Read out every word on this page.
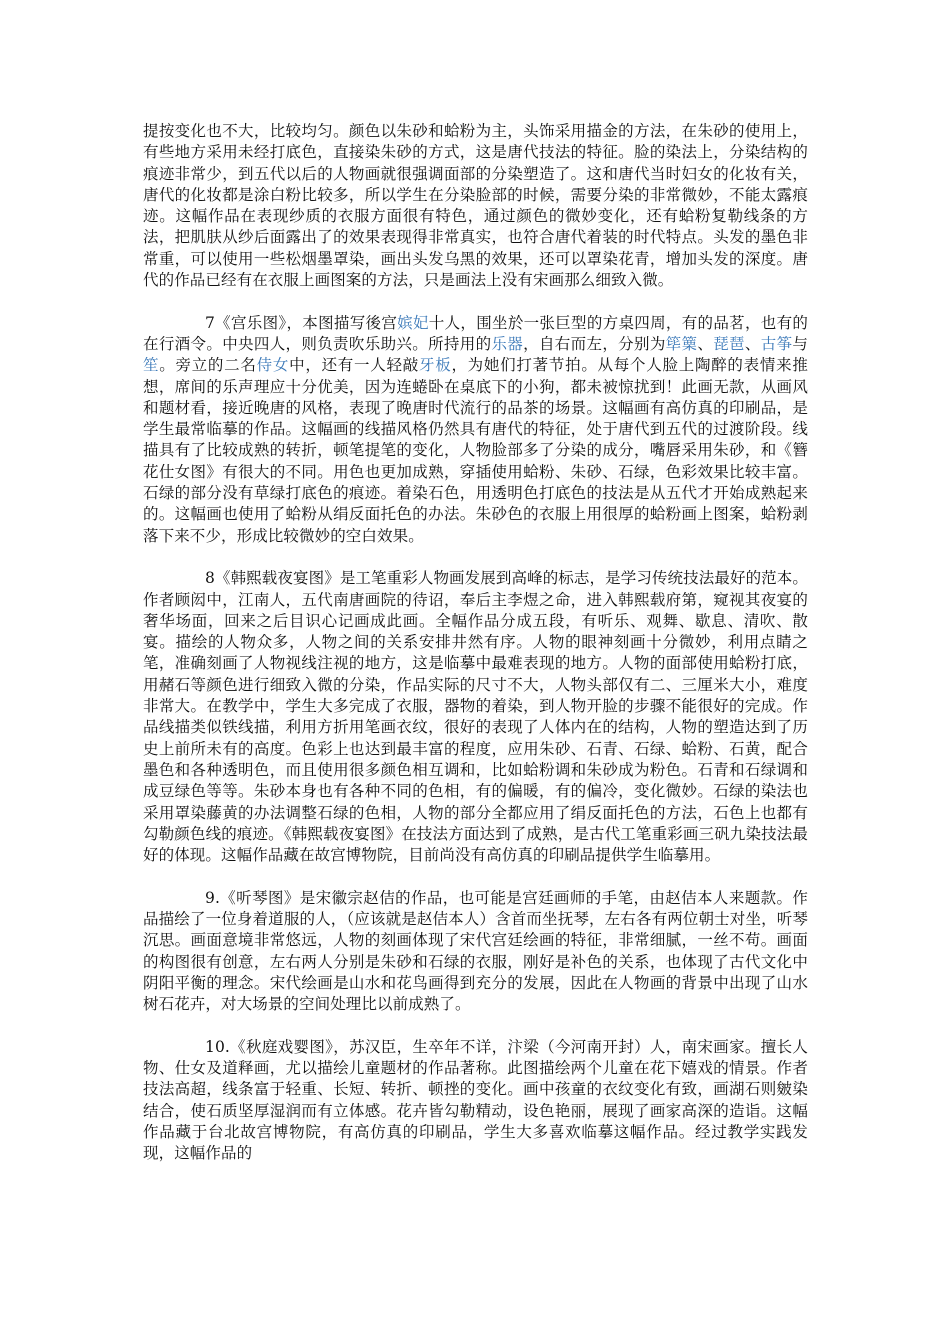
提按变化也不大，比较均匀。颜色以朱砂和蛤粉为主，头饰采用描金的方法，在朱砂的使用上，有些地方采用未经打底色，直接染朱砂的方式，这是唐代技法的特征。脸的染法上，分染结构的痕迹非常少，到五代以后的人物画就很强调面部的分染塑造了。这和唐代当时妇女的化妆有关，唐代的化妆都是涂白粉比较多，所以学生在分染脸部的时候，需要分染的非常微妙，不能太露痕迹。这幅作品在表现纱质的衣服方面很有特色，通过颜色的微妙变化，还有蛤粉复勒线条的方法，把肌肤从纱后面露出了的效果表现得非常真实，也符合唐代着装的时代特点。头发的墨色非常重，可以使用一些松烟墨罩染，画出头发乌黑的效果，还可以罩染花青，增加头发的深度。唐代的作品已经有在衣服上画图案的方法，只是画法上没有宋画那么细致入微。

7《宫乐图》，本图描写後宫嫔妃十人，围坐於一张巨型的方桌四周，有的品茗，也有的在行酒令。中央四人，则负责吹乐助兴。所持用的乐器，自右而左，分别为筚篥、琵琶、古筝与笙。旁立的二名侍女中，还有一人轻敲牙板，为她们打著节拍。从每个人脸上陶醉的表情来推想，席间的乐声理应十分优美，因为连蜷卧在桌底下的小狗，都未被惊扰到！此画无款，从画风和题材看，接近晚唐的风格，表现了晚唐时代流行的品茶的场景。这幅画有高仿真的印刷品，是学生最常临摹的作品。这幅画的线描风格仍然具有唐代的特征，处于唐代到五代的过渡阶段。线描具有了比较成熟的转折，顿笔提笔的变化，人物脸部多了分染的成分，嘴唇采用朱砂，和《簪花仕女图》有很大的不同。用色也更加成熟，穿插使用蛤粉、朱砂、石绿，色彩效果比较丰富。石绿的部分没有草绿打底色的痕迹。着染石色，用透明色打底色的技法是从五代才开始成熟起来的。这幅画也使用了蛤粉从绢反面托色的办法。朱砂色的衣服上用很厚的蛤粉画上图案，蛤粉剥落下来不少，形成比较微妙的空白效果。

8《韩熙载夜宴图》是工笔重彩人物画发展到高峰的标志，是学习传统技法最好的范本。作者顾闳中，江南人，五代南唐画院的待诏，奉后主李煜之命，进入韩熙载府第，窥视其夜宴的奢华场面，回来之后目识心记画成此画。全幅作品分成五段，有听乐、观舞、歇息、清吹、散宴。描绘的人物众多，人物之间的关系安排井然有序。人物的眼神刻画十分微妙，利用点睛之笔，准确刻画了人物视线注视的地方，这是临摹中最难表现的地方。人物的面部使用蛤粉打底，用赭石等颜色进行细致入微的分染，作品实际的尺寸不大，人物头部仅有二、三厘米大小，难度非常大。在教学中，学生大多完成了衣服，器物的着染，到人物开脸的步骤不能很好的完成。作品线描类似铁线描，利用方折用笔画衣纹，很好的表现了人体内在的结构，人物的塑造达到了历史上前所未有的高度。色彩上也达到最丰富的程度，应用朱砂、石青、石绿、蛤粉、石黄，配合墨色和各种透明色，而且使用很多颜色相互调和，比如蛤粉调和朱砂成为粉色。石青和石绿调和成豆绿色等等。朱砂本身也有各种不同的色相，有的偏暖，有的偏冷，变化微妙。石绿的染法也采用罩染藤黄的办法调整石绿的色相，人物的部分全都应用了绢反面托色的方法，石色上也都有勾勒颜色线的痕迹。《韩熙载夜宴图》在技法方面达到了成熟，是古代工笔重彩画三矾九染技法最好的体现。这幅作品藏在故宫博物院，目前尚没有高仿真的印刷品提供学生临摹用。

9.《听琴图》是宋徽宗赵佶的作品，也可能是宫廷画师的手笔，由赵佶本人来题款。作品描绘了一位身着道服的人，（应该就是赵佶本人）含首而坐抚琴，左右各有两位朝士对坐，听琴沉思。画面意境非常悠远，人物的刻画体现了宋代宫廷绘画的特征，非常细腻，一丝不苟。画面的构图很有创意，左右两人分别是朱砂和石绿的衣服，刚好是补色的关系，也体现了古代文化中阴阳平衡的理念。宋代绘画是山水和花鸟画得到充分的发展，因此在人物画的背景中出现了山水树石花卉，对大场景的空间处理比以前成熟了。

10.《秋庭戏婴图》，苏汉臣，生卒年不详，汴梁（今河南开封）人，南宋画家。擅长人物、仕女及道释画，尤以描绘儿童题材的作品著称。此图描绘两个儿童在花下嬉戏的情景。作者技法高超，线条富于轻重、长短、转折、顿挫的变化。画中孩童的衣纹变化有致，画湖石则皴染结合，使石质坚厚湿润而有立体感。花卉皆勾勒精动，设色艳丽，展现了画家高深的造诣。这幅作品藏于台北故宫博物院，有高仿真的印刷品，学生大多喜欢临摹这幅作品。经过教学实践发现，这幅作品的
